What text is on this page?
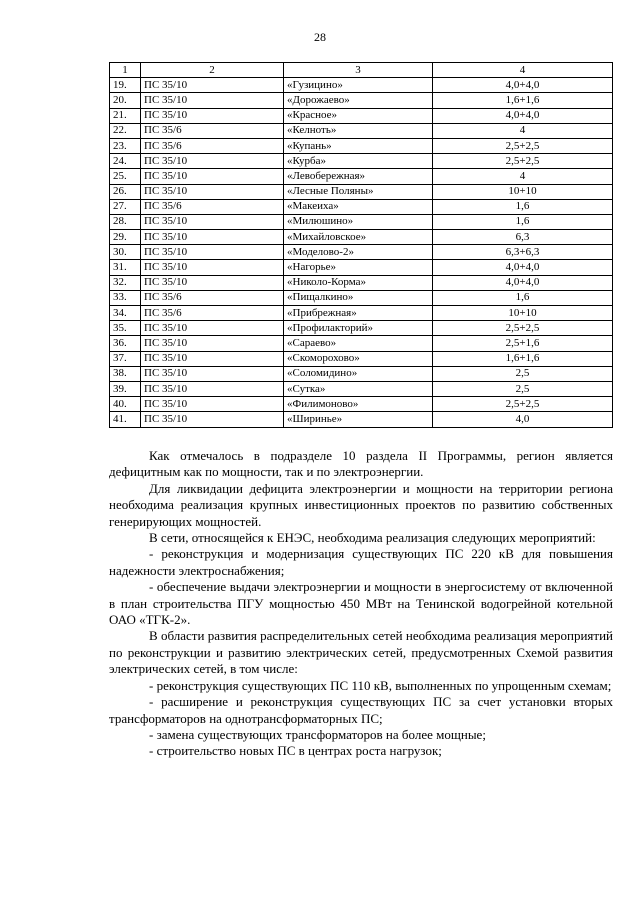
28
1	2	3	4
19.	ПС 35/10	«Гузицино»	4,0+4,0
20.	ПС 35/10	«Дорожаево»	1,6+1,6
21.	ПС 35/10	«Красное»	4,0+4,0
22.	ПС 35/6	«Келноть»	4
23.	ПС 35/6	«Купань»	2,5+2,5
24.	ПС 35/10	«Курба»	2,5+2,5
25.	ПС 35/10	«Левобережная»	4
26.	ПС 35/10	«Лесные Поляны»	10+10
27.	ПС 35/6	«Макеиха»	1,6
28.	ПС 35/10	«Милюшино»	1,6
29.	ПС 35/10	«Михайловское»	6,3
30.	ПС 35/10	«Моделово-2»	6,3+6,3
31.	ПС 35/10	«Нагорье»	4,0+4,0
32.	ПС 35/10	«Николо-Корма»	4,0+4,0
33.	ПС 35/6	«Пищалкино»	1,6
34.	ПС 35/6	«Прибрежная»	10+10
35.	ПС 35/10	«Профилакторий»	2,5+2,5
36.	ПС 35/10	«Сараево»	2,5+1,6
37.	ПС 35/10	«Скоморохово»	1,6+1,6
38.	ПС 35/10	«Соломидино»	2,5
39.	ПС 35/10	«Сутка»	2,5
40.	ПС 35/10	«Филимоново»	2,5+2,5
41.	ПС 35/10	«Ширинье»	4,0

Как отмечалось в подразделе 10 раздела II Программы, регион является дефицитным как по мощности, так и по электроэнергии.

Для ликвидации дефицита электроэнергии и мощности на территории региона необходима реализация крупных инвестиционных проектов по развитию собственных генерирующих мощностей.

В сети, относящейся к ЕНЭС, необходима реализация следующих мероприятий:

- реконструкция и модернизация существующих ПС 220 кВ для повышения надежности электроснабжения;

- обеспечение выдачи электроэнергии и мощности в энергосистему от включенной в план строительства ПГУ мощностью 450 МВт на Тенинской водогрейной котельной ОАО «ТГК-2».

В области развития распределительных сетей необходима реализация мероприятий по реконструкции и развитию электрических сетей, предусмотренных Схемой развития электрических сетей, в том числе:

- реконструкция существующих ПС 110 кВ, выполненных по упрощенным схемам;

- расширение и реконструкция существующих ПС за счет установки вторых трансформаторов на однотрансформаторных ПС;

- замена существующих трансформаторов на более мощные;

- строительство новых ПС в центрах роста нагрузок;
